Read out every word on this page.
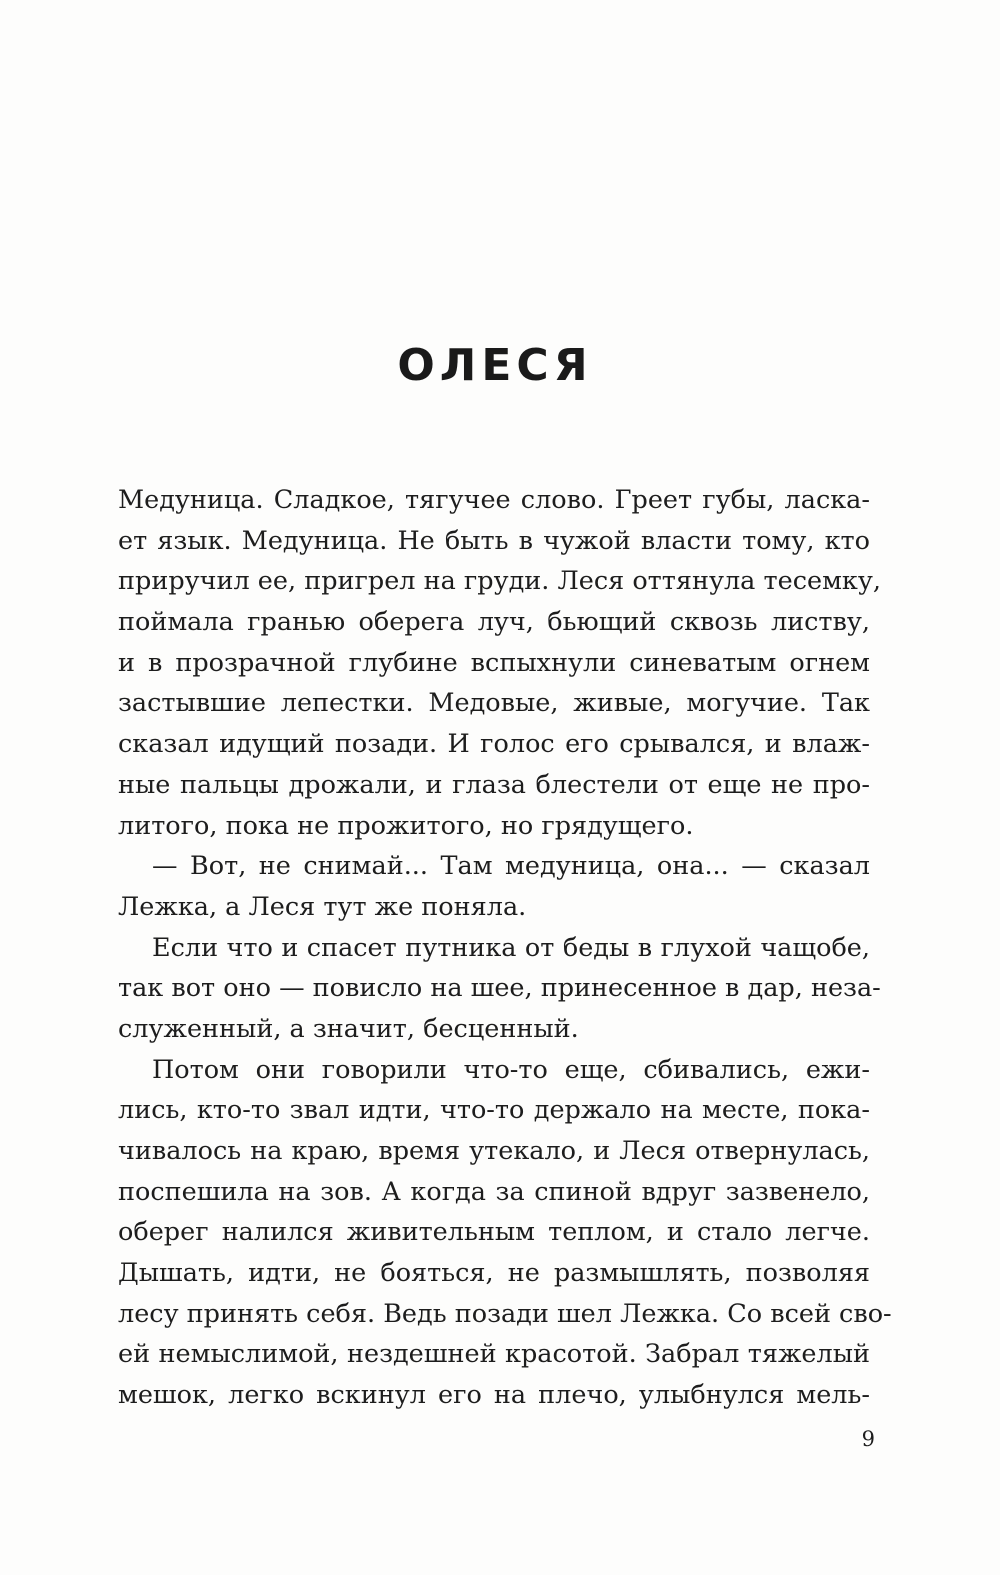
ОЛЕСЯ
Медуница. Сладкое, тягучее слово. Греет губы, ласка-
ет язык. Медуница. Не быть в чужой власти тому, кто
приручил ее, пригрел на груди. Леся оттянула тесемку,
поймала гранью оберега луч, бьющий сквозь листву,
и в прозрачной глубине вспыхнули синеватым огнем
застывшие лепестки. Медовые, живые, могучие. Так
сказал идущий позади. И голос его срывался, и влаж-
ные пальцы дрожали, и глаза блестели от еще не про-
литого, пока не прожитого, но грядущего.
— Вот, не снимай... Там медуница, она... — сказал
Лежка, а Леся тут же поняла.
Если что и спасет путника от беды в глухой чащобе,
так вот оно — повисло на шее, принесенное в дар, неза-
служенный, а значит, бесценный.
Потом они говорили что-то еще, сбивались, ежи-
лись, кто-то звал идти, что-то держало на месте, пока-
чивалось на краю, время утекало, и Леся отвернулась,
поспешила на зов. А когда за спиной вдруг зазвенело,
оберег налился живительным теплом, и стало легче.
Дышать, идти, не бояться, не размышлять, позволяя
лесу принять себя. Ведь позади шел Лежка. Со всей сво-
ей немыслимой, нездешней красотой. Забрал тяжелый
мешок, легко вскинул его на плечо, улыбнулся мель-
9
